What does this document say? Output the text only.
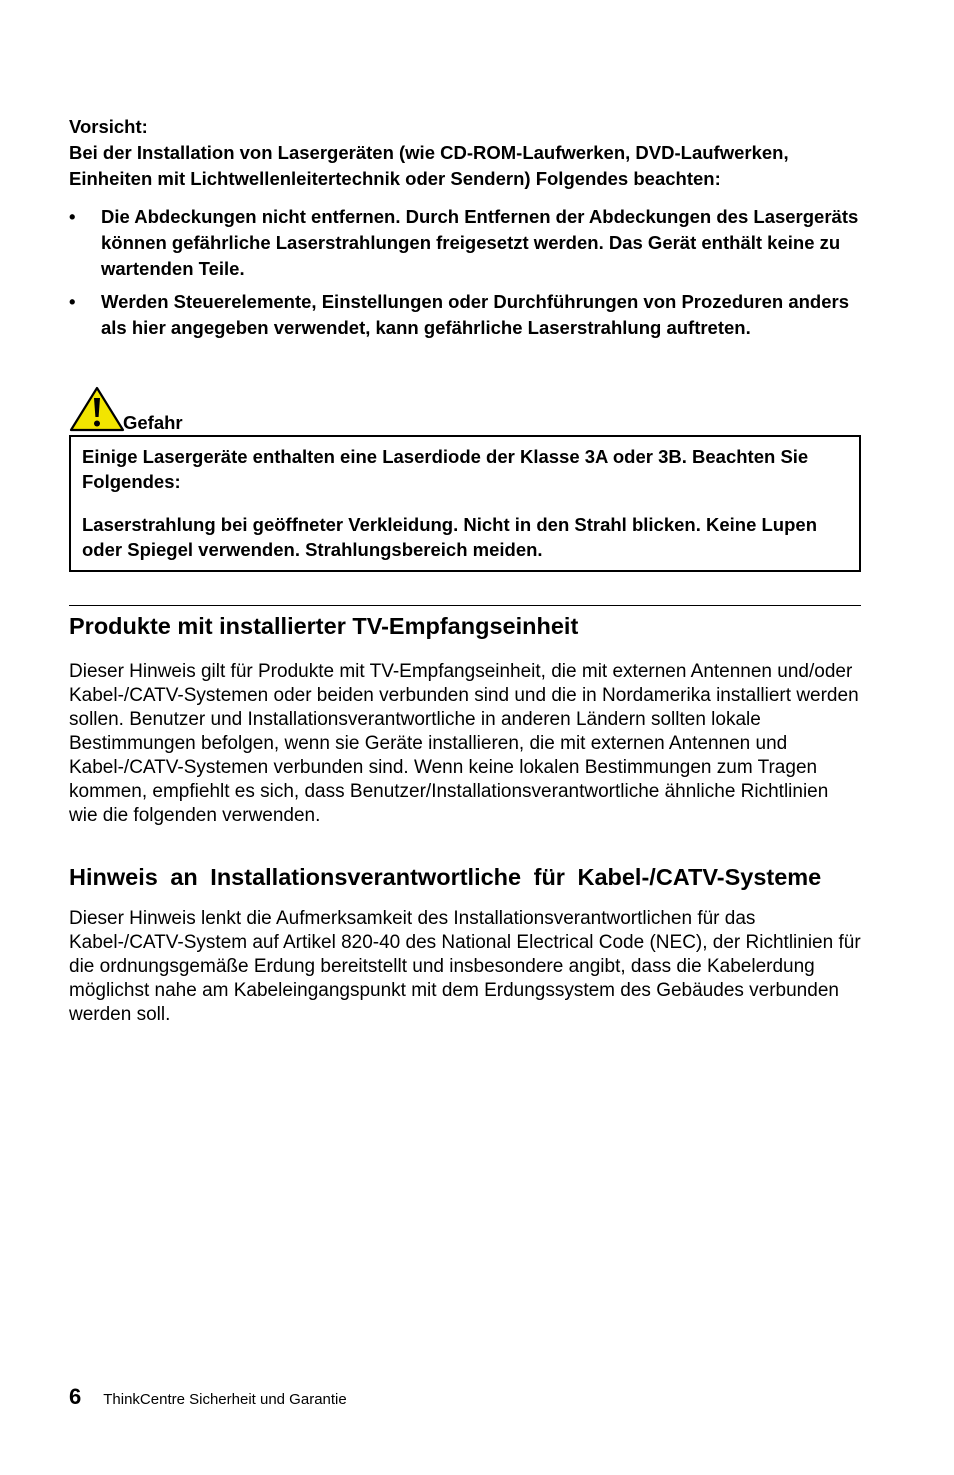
Vorsicht:

Bei der Installation von Lasergeräten (wie CD-ROM-Laufwerken, DVD-Laufwerken, Einheiten mit Lichtwellenleitertechnik oder Sendern) Folgendes beachten:

• Die Abdeckungen nicht entfernen. Durch Entfernen der Abdeckungen des Lasergeräts können gefährliche Laserstrahlungen freigesetzt werden. Das Gerät enthält keine zu wartenden Teile.
• Werden Steuerelemente, Einstellungen oder Durchführungen von Prozeduren anders als hier angegeben verwendet, kann gefährliche Laserstrahlung auftreten.
Gefahr

Einige Lasergeräte enthalten eine Laserdiode der Klasse 3A oder 3B. Beachten Sie Folgendes:

Laserstrahlung bei geöffneter Verkleidung. Nicht in den Strahl blicken. Keine Lupen oder Spiegel verwenden. Strahlungsbereich meiden.

Produkte mit installierter TV-Empfangseinheit

Dieser Hinweis gilt für Produkte mit TV-Empfangseinheit, die mit externen Antennen und/oder Kabel-/CATV-Systemen oder beiden verbunden sind und die in Nordamerika installiert werden sollen. Benutzer und Installationsverantwortliche in anderen Ländern sollten lokale Bestimmungen befolgen, wenn sie Geräte installieren, die mit externen Antennen und Kabel-/CATV-Systemen verbunden sind. Wenn keine lokalen Bestimmungen zum Tragen kommen, empfiehlt es sich, dass Benutzer/Installationsverantwortliche ähnliche Richtlinien wie die folgenden verwenden.

Hinweis an Installationsverantwortliche für Kabel-/CATV-Systeme

Dieser Hinweis lenkt die Aufmerksamkeit des Installationsverantwortlichen für das Kabel-/CATV-System auf Artikel 820-40 des National Electrical Code (NEC), der Richtlinien für die ordnungsgemäße Erdung bereitstellt und insbesondere angibt, dass die Kabelerdung möglichst nahe am Kabeleingangspunkt mit dem Erdungssystem des Gebäudes verbunden werden soll.

6 ThinkCentre Sicherheit und Garantie
